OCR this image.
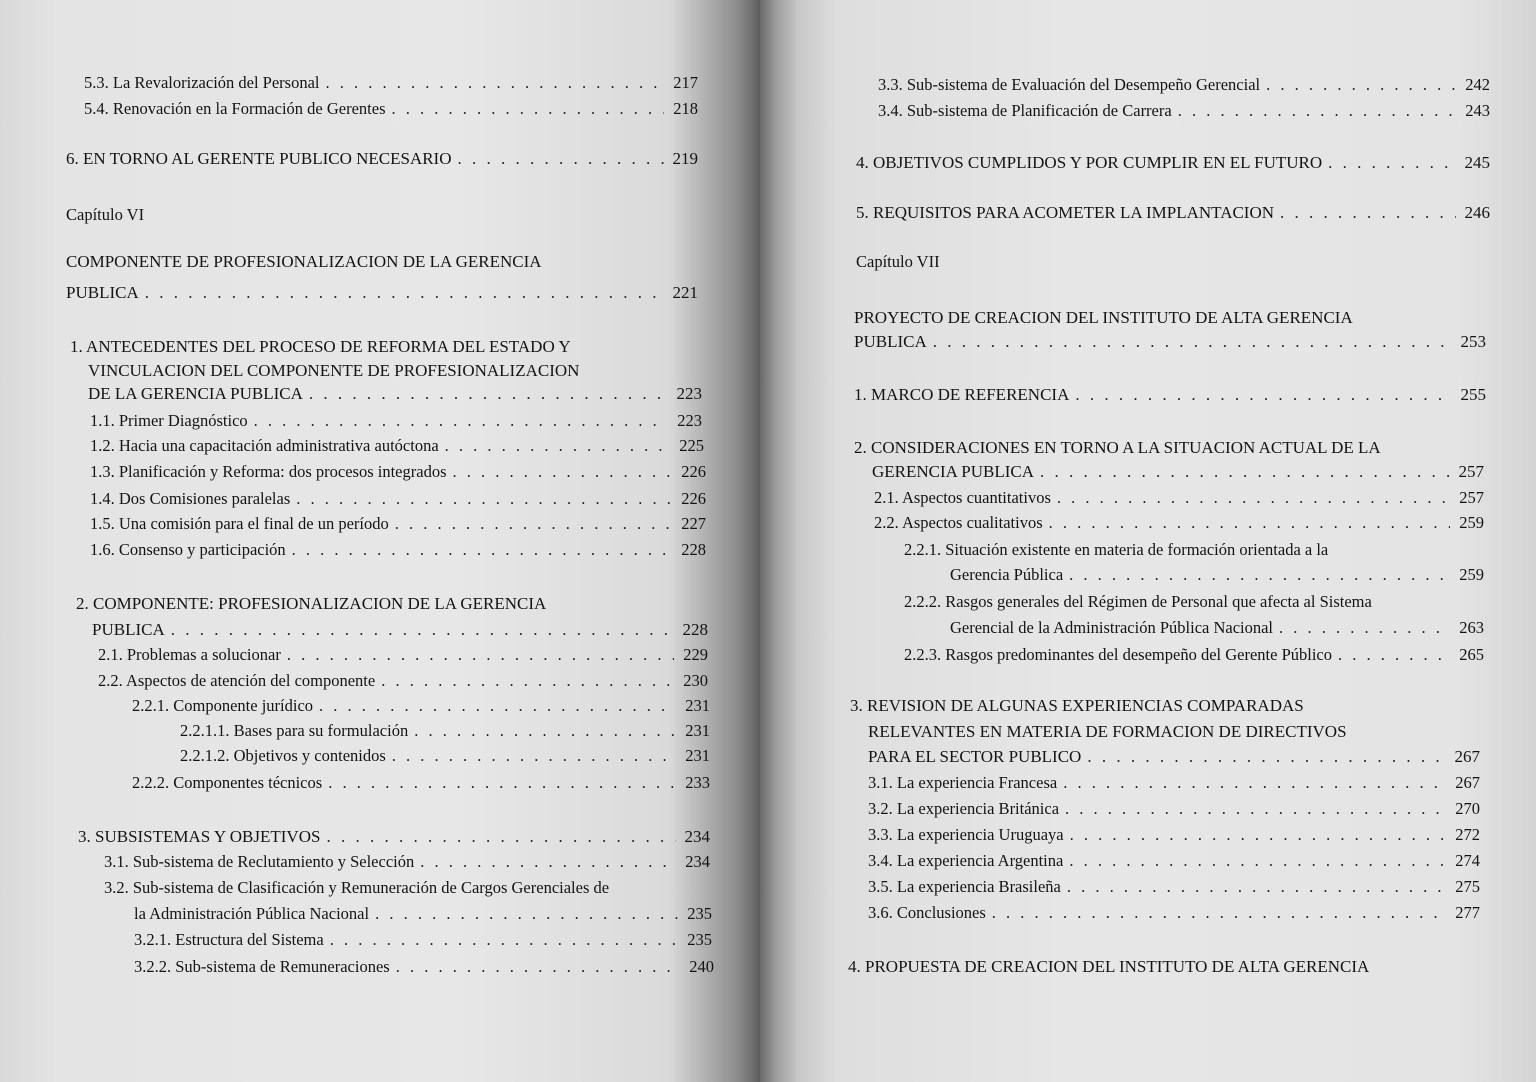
5.3. La Revalorización del Personal . . .	217
5.4. Renovación en la Formación de Gerentes . . .	218
6. EN TORNO AL GERENTE PUBLICO NECESARIO . . .	219
Capítulo VI
COMPONENTE DE PROFESIONALIZACION DE LA GERENCIA
PUBLICA . . .	221
1. ANTECEDENTES DEL PROCESO DE REFORMA DEL ESTADO Y
VINCULACION DEL COMPONENTE DE PROFESIONALIZACION
DE LA GERENCIA PUBLICA . . .	223
1.1. Primer Diagnóstico . . .	223
1.2. Hacia una capacitación administrativa autóctona . . .	225
1.3. Planificación y Reforma: dos procesos integrados . . .	226
1.4. Dos Comisiones paralelas . . .	226
1.5. Una comisión para el final de un período . . .	227
1.6. Consenso y participación . . .	228
2. COMPONENTE: PROFESIONALIZACION DE LA GERENCIA
PUBLICA . . .	228
2.1. Problemas a solucionar . . .	229
2.2. Aspectos de atención del componente . . .	230
2.2.1. Componente jurídico . . .	231
2.2.1.1. Bases para su formulación . . .	231
2.2.1.2. Objetivos y contenidos . . .	231
2.2.2. Componentes técnicos . . .	233
3. SUBSISTEMAS Y OBJETIVOS . . .	234
3.1. Sub-sistema de Reclutamiento y Selección . . .	234
3.2. Sub-sistema de Clasificación y Remuneración de Cargos Gerenciales de
la Administración Pública Nacional . . .	235
3.2.1. Estructura del Sistema . . .	235
3.2.2. Sub-sistema de Remuneraciones . . .	240
3.3. Sub-sistema de Evaluación del Desempeño Gerencial . . .	242
3.4. Sub-sistema de Planificación de Carrera . . .	243
4. OBJETIVOS CUMPLIDOS Y POR CUMPLIR EN EL FUTURO . . .	245
5. REQUISITOS PARA ACOMETER LA IMPLANTACION . . .	246
Capítulo VII
PROYECTO DE CREACION DEL INSTITUTO DE ALTA GERENCIA
PUBLICA . . .	253
1. MARCO DE REFERENCIA . . .	255
2. CONSIDERACIONES EN TORNO A LA SITUACION ACTUAL DE LA
GERENCIA PUBLICA . . .	257
2.1. Aspectos cuantitativos . . .	257
2.2. Aspectos cualitativos . . .	259
2.2.1. Situación existente en materia de formación orientada a la
Gerencia Pública . . .	259
2.2.2. Rasgos generales del Régimen de Personal que afecta al Sistema
Gerencial de la Administración Pública Nacional . . .	263
2.2.3. Rasgos predominantes del desempeño del Gerente Público . . .	265
3. REVISION DE ALGUNAS EXPERIENCIAS COMPARADAS
RELEVANTES EN MATERIA DE FORMACION DE DIRECTIVOS
PARA EL SECTOR PUBLICO . . .	267
3.1. La experiencia Francesa . . .	267
3.2. La experiencia Británica . . .	270
3.3. La experiencia Uruguaya . . .	272
3.4. La experiencia Argentina . . .	274
3.5. La experiencia Brasileña . . .	275
3.6. Conclusiones . . .	277
4. PROPUESTA DE CREACION DEL INSTITUTO DE ALTA GERENCIA
